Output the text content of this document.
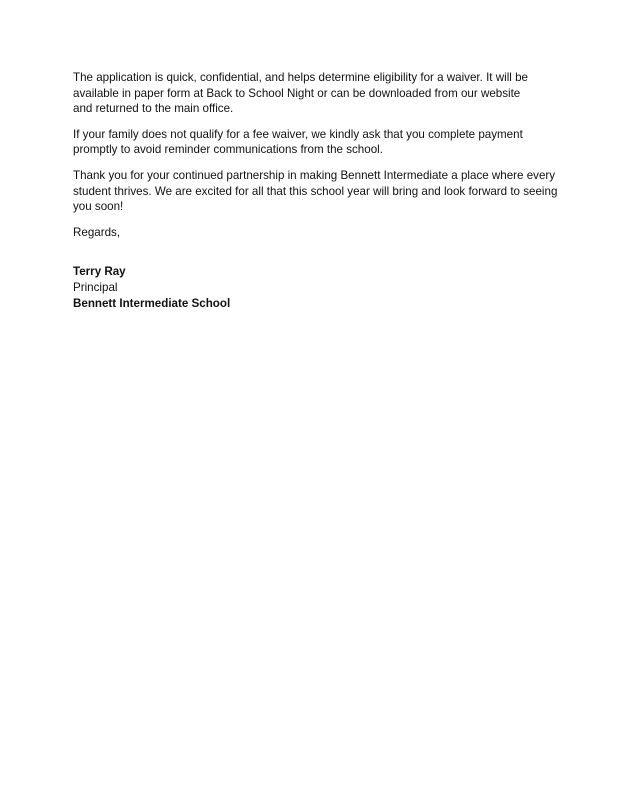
The application is quick, confidential, and helps determine eligibility for a waiver. It will be
available in paper form at Back to School Night or can be downloaded from our website
and returned to the main office.

If your family does not qualify for a fee waiver, we kindly ask that you complete payment
promptly to avoid reminder communications from the school.

Thank you for your continued partnership in making Bennett Intermediate a place where every
student thrives. We are excited for all that this school year will bring and look forward to seeing
you soon!

Regards,

Terry Ray
Principal
Bennett Intermediate School
